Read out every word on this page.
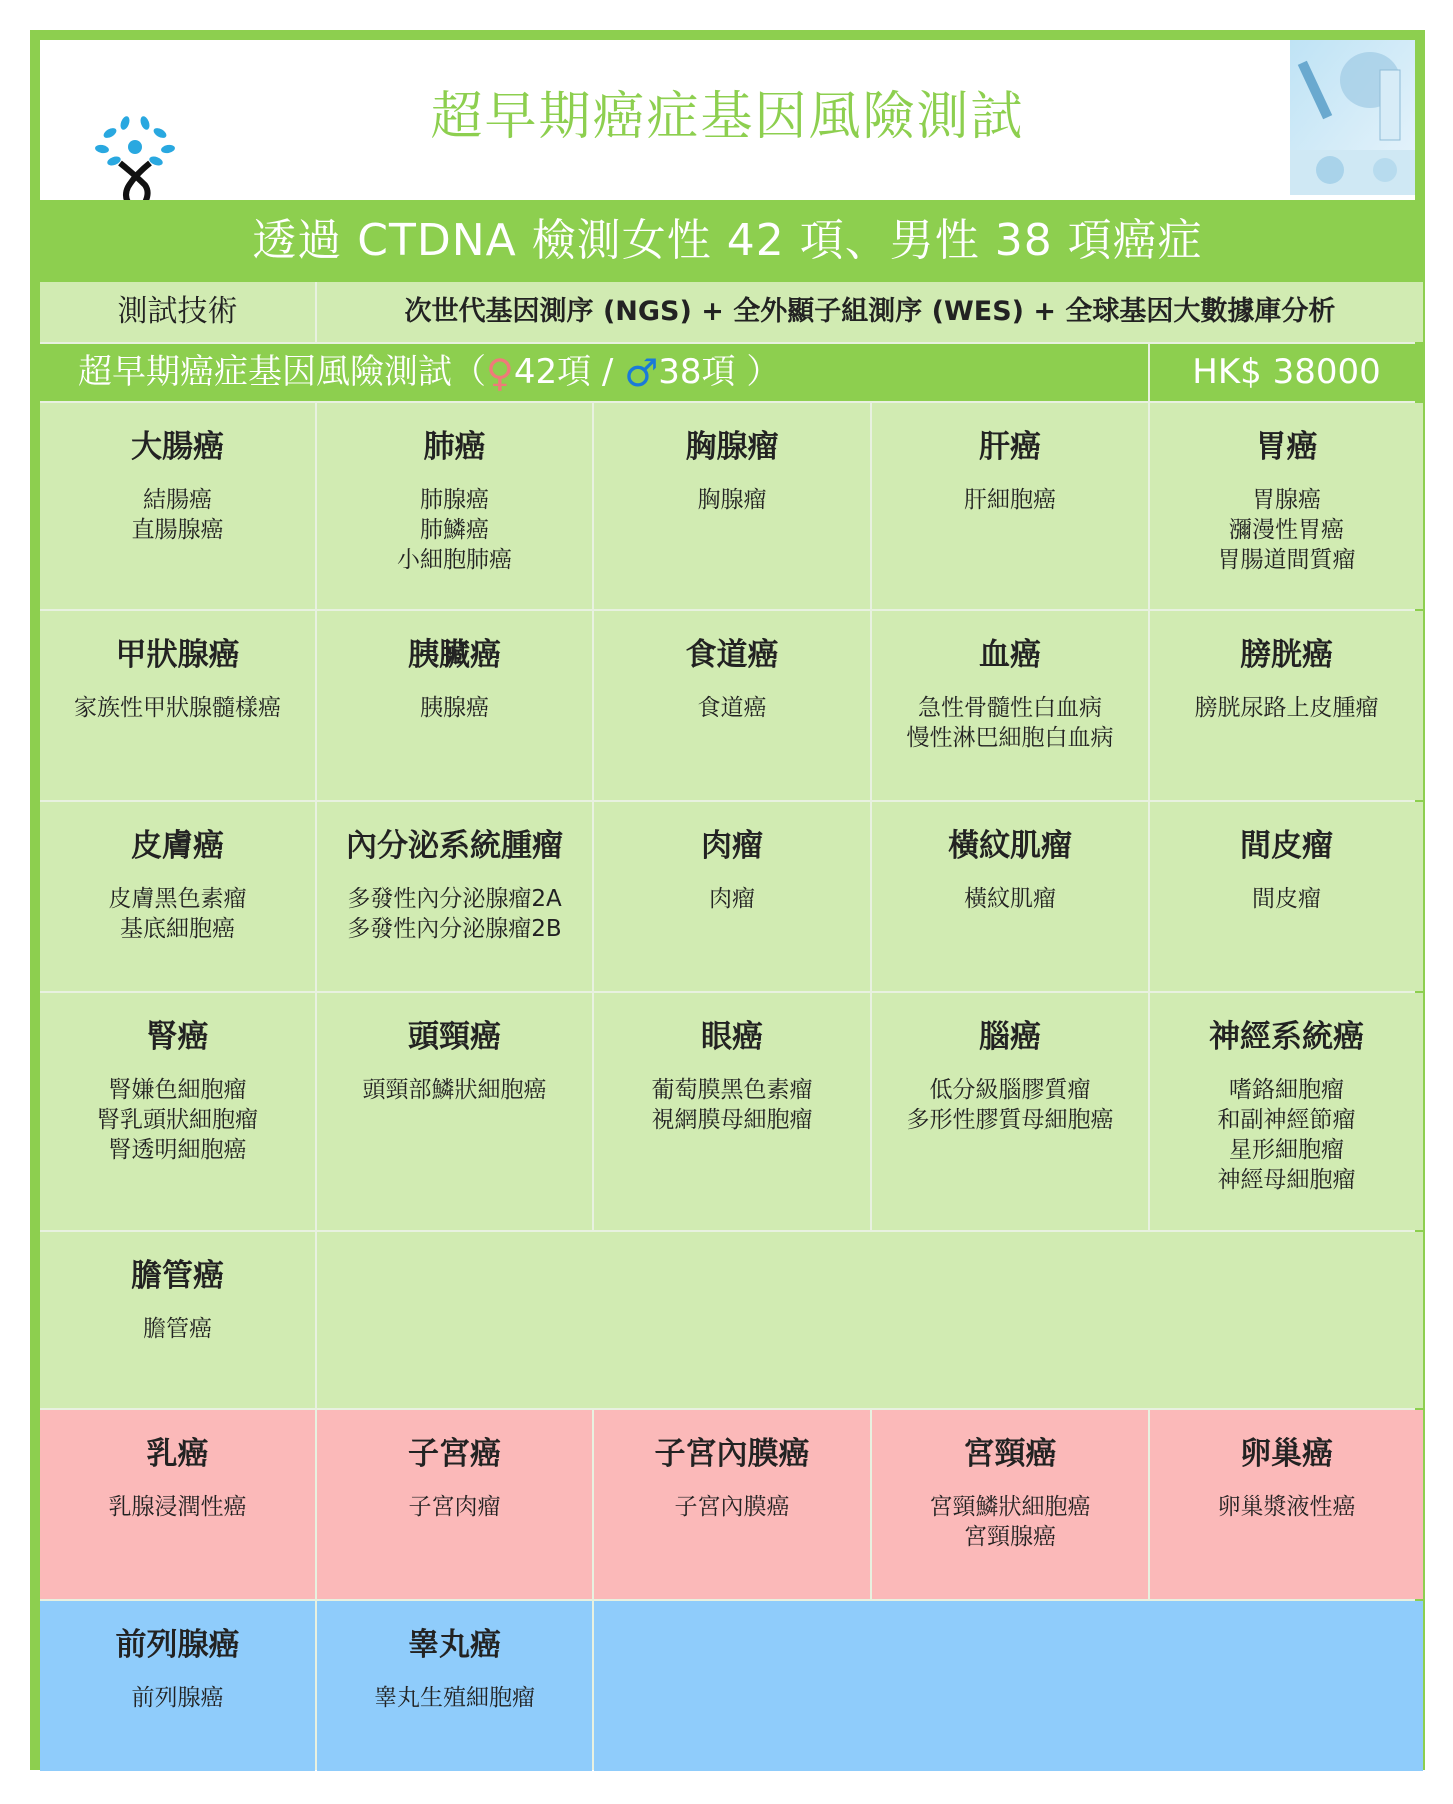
超早期癌症基因風險測試
透過 CTDNA 檢測女性 42 項、男性 38 項癌症
測試技術	次世代基因測序 (NGS) + 全外顯子組測序 (WES) + 全球基因大數據庫分析
超早期癌症基因風險測試（♀42項 / ♂38項 ）	HK$ 38000
大腸癌
結腸癌
直腸腺癌
肺癌
肺腺癌
肺鱗癌
小細胞肺癌
胸腺瘤
胸腺瘤
肝癌
肝細胞癌
胃癌
胃腺癌
瀰漫性胃癌
胃腸道間質瘤
甲狀腺癌
家族性甲狀腺髓樣癌
胰臟癌
胰腺癌
食道癌
食道癌
血癌
急性骨髓性白血病
慢性淋巴細胞白血病
膀胱癌
膀胱尿路上皮腫瘤
皮膚癌
皮膚黑色素瘤
基底細胞癌
內分泌系統腫瘤
多發性內分泌腺瘤2A
多發性內分泌腺瘤2B
肉瘤
肉瘤
橫紋肌瘤
橫紋肌瘤
間皮瘤
間皮瘤
腎癌
腎嫌色細胞瘤
腎乳頭狀細胞瘤
腎透明細胞癌
頭頸癌
頭頸部鱗狀細胞癌
眼癌
葡萄膜黑色素瘤
視網膜母細胞瘤
腦癌
低分級腦膠質瘤
多形性膠質母細胞癌
神經系統癌
嗜鉻細胞瘤
和副神經節瘤
星形細胞瘤
神經母細胞瘤
膽管癌
膽管癌
乳癌
乳腺浸潤性癌
子宮癌
子宮肉瘤
子宮內膜癌
子宮內膜癌
宮頸癌
宮頸鱗狀細胞癌
宮頸腺癌
卵巢癌
卵巢漿液性癌
前列腺癌
前列腺癌
睾丸癌
睾丸生殖細胞瘤
